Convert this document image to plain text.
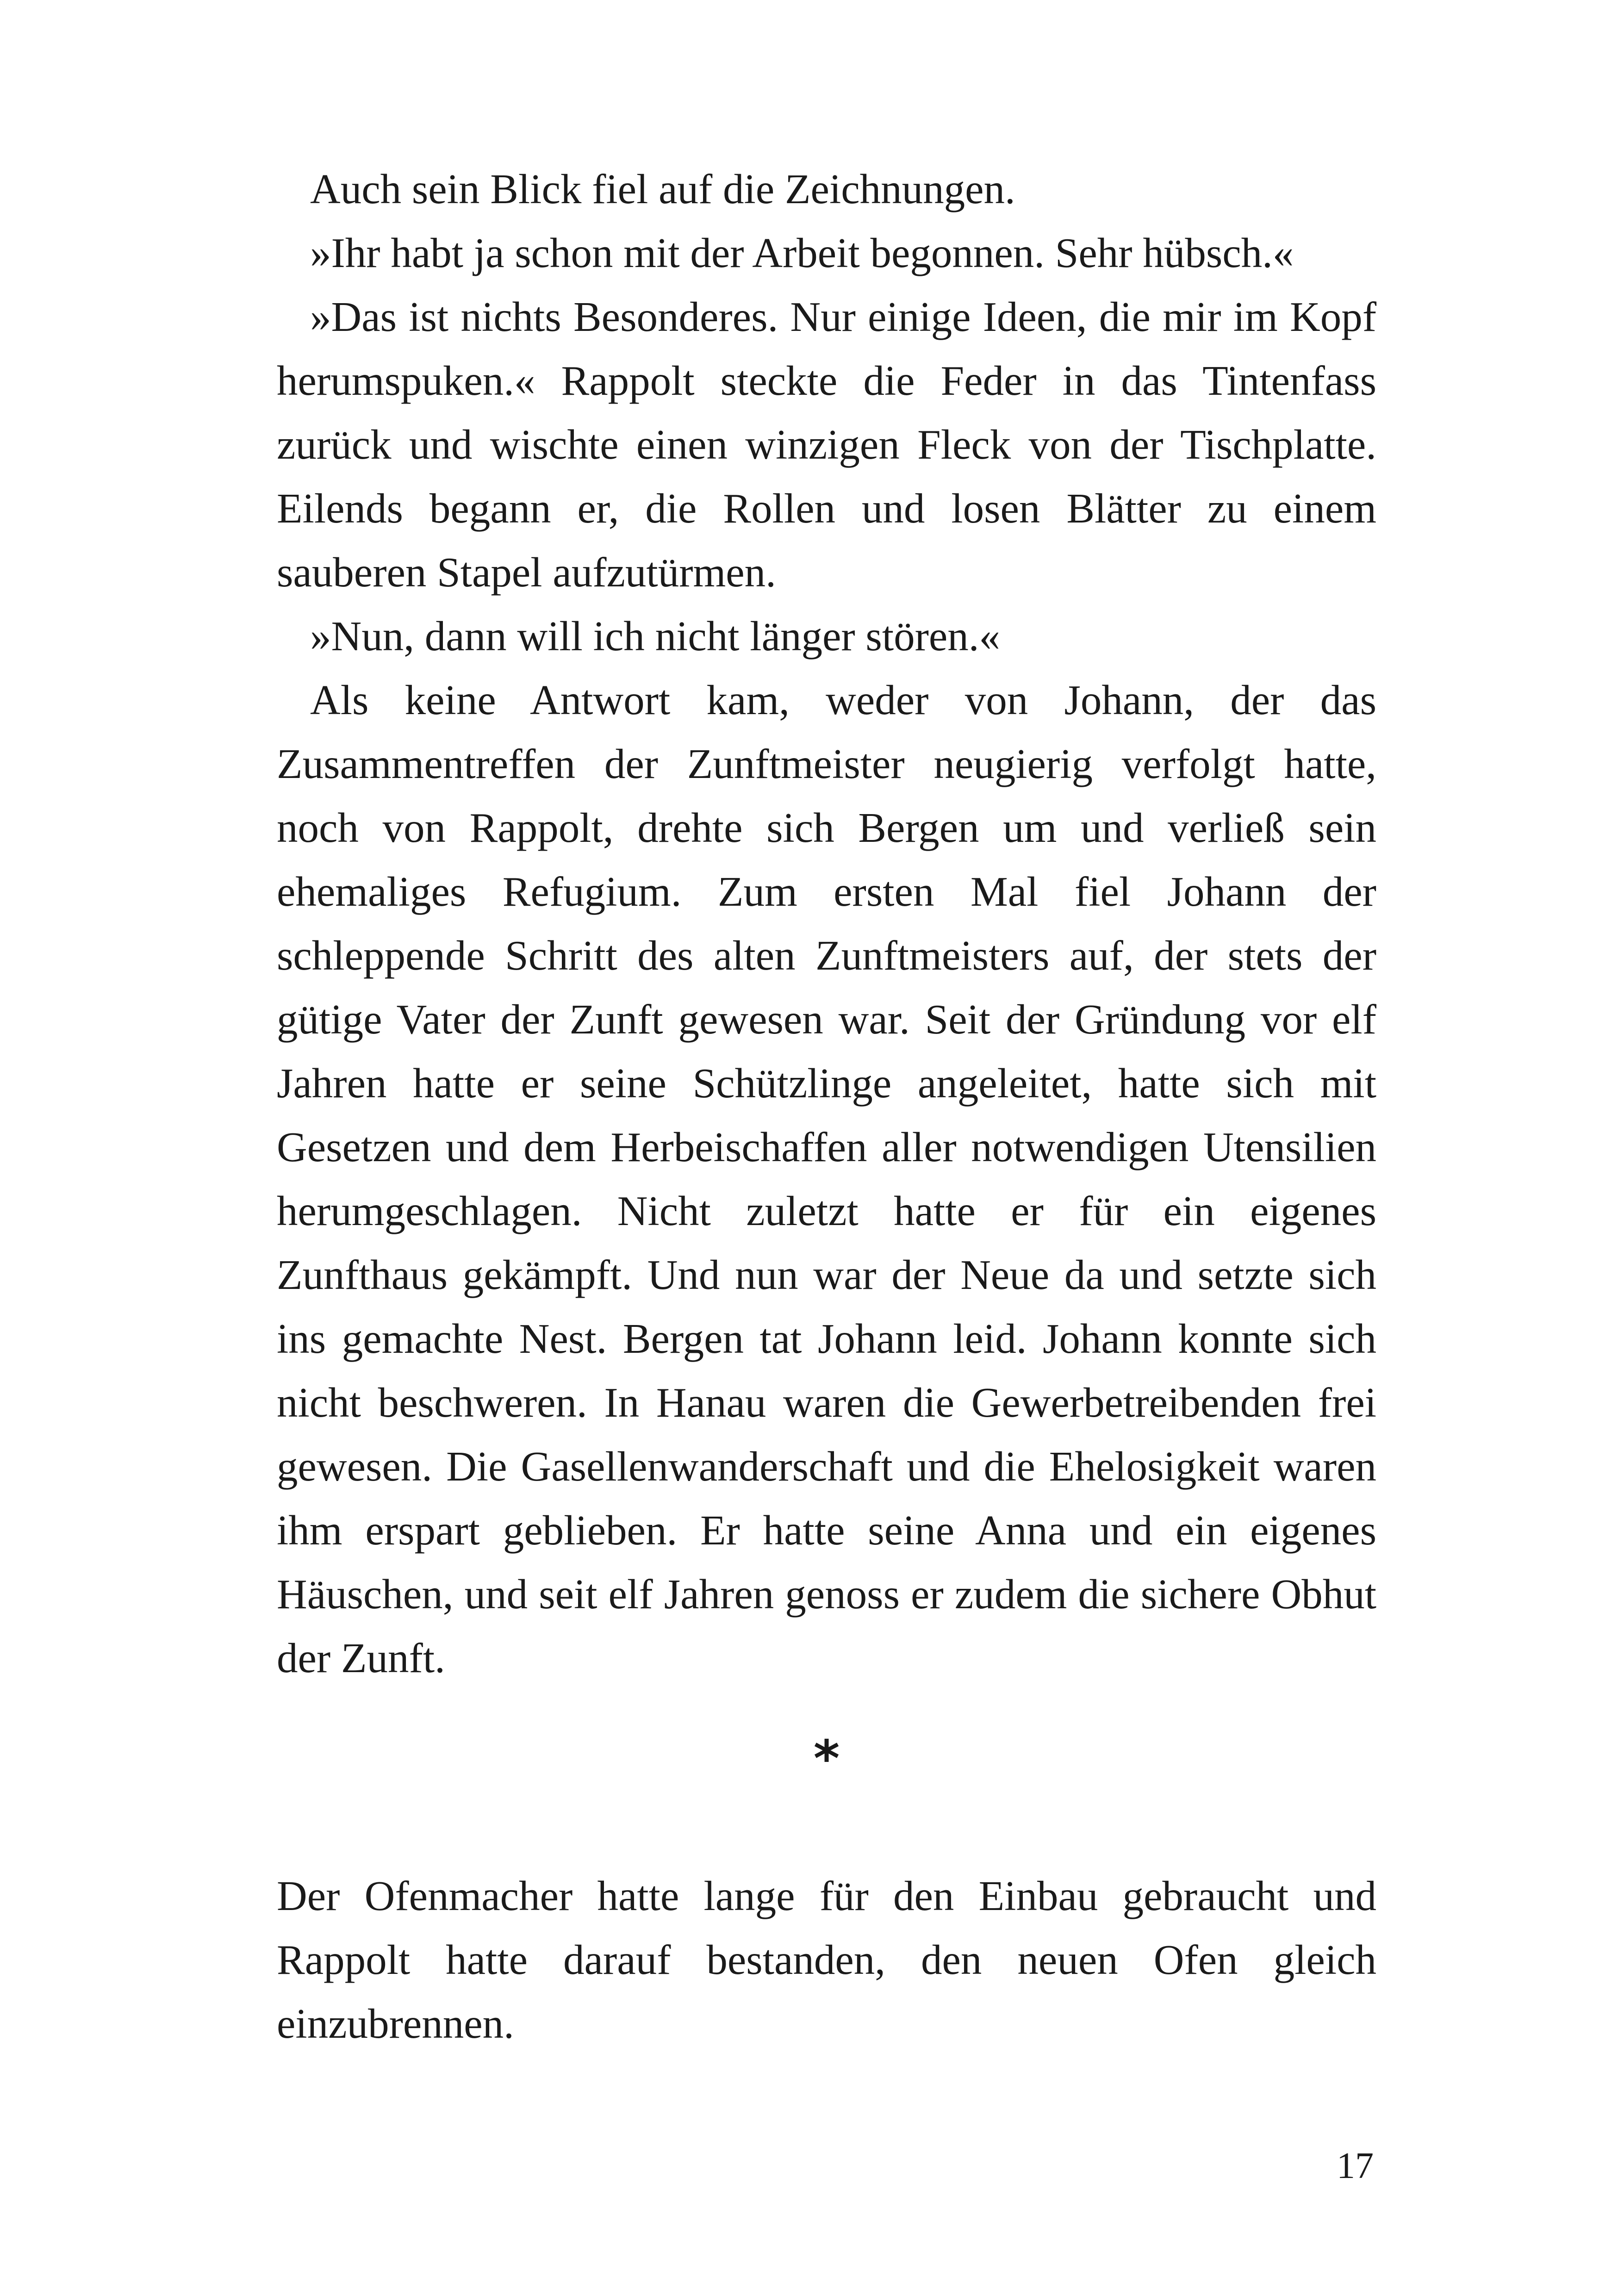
Auch sein Blick fiel auf die Zeichnungen.

»Ihr habt ja schon mit der Arbeit begonnen. Sehr hübsch.«

»Das ist nichts Besonderes. Nur einige Ideen, die mir im Kopf herumspuken.« Rappolt steckte die Feder in das Tintenfass zurück und wischte einen winzigen Fleck von der Tischplatte. Eilends begann er, die Rollen und losen Blätter zu einem sauberen Stapel aufzutürmen.

»Nun, dann will ich nicht länger stören.«

Als keine Antwort kam, weder von Johann, der das Zusammentreffen der Zunftmeister neugierig verfolgt hatte, noch von Rappolt, drehte sich Bergen um und verließ sein ehemaliges Refugium. Zum ersten Mal fiel Johann der schleppende Schritt des alten Zunftmeisters auf, der stets der gütige Vater der Zunft gewesen war. Seit der Gründung vor elf Jahren hatte er seine Schützlinge angeleitet, hatte sich mit Gesetzen und dem Herbeischaffen aller notwendigen Utensilien herumgeschlagen. Nicht zuletzt hatte er für ein eigenes Zunfthaus gekämpft. Und nun war der Neue da und setzte sich ins gemachte Nest. Bergen tat Johann leid. Johann konnte sich nicht beschweren. In Hanau waren die Gewerbetreibenden frei gewesen. Die Gasellenwanderschaft und die Ehelosigkeit waren ihm erspart geblieben. Er hatte seine Anna und ein eigenes Häuschen, und seit elf Jahren genoss er zudem die sichere Obhut der Zunft.

*

Der Ofenmacher hatte lange für den Einbau gebraucht und Rappolt hatte darauf bestanden, den neuen Ofen gleich einzubrennen.

17
